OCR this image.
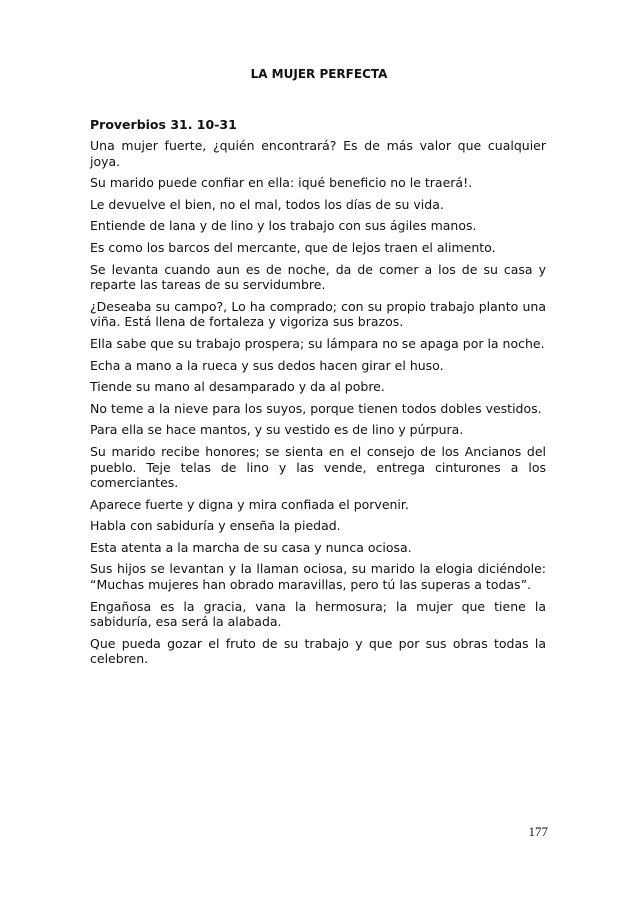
LA MUJER PERFECTA
Proverbios 31. 10-31

Una mujer fuerte, ¿quién encontrará? Es de más valor que cualquier joya.

Su marido puede confiar en ella: iqué beneficio no le traerá!.

Le devuelve el bien, no el mal, todos los días de su vida.

Entiende de lana y de lino y los trabajo con sus ágiles manos.

Es como los barcos del mercante, que de lejos traen el alimento.

Se levanta cuando aun es de noche, da de comer a los de su casa y reparte las tareas de su servidumbre.

¿Deseaba su campo?, Lo ha comprado; con su propio trabajo planto una viña. Está llena de fortaleza y vigoriza sus brazos.

Ella sabe que su trabajo prospera; su lámpara no se apaga por la noche.

Echa a mano a la rueca y sus dedos hacen girar el huso.

Tiende su mano al desamparado y da al pobre.

No teme a la nieve para los suyos, porque tienen todos dobles vestidos.

Para ella se hace mantos, y su vestido es de lino y púrpura.

Su marido recibe honores; se sienta en el consejo de los Ancianos del pueblo. Teje telas de lino y las vende, entrega cinturones a los comerciantes.

Aparece fuerte y digna y mira confiada el porvenir.

Habla con sabiduría y enseña la piedad.

Esta atenta a la marcha de su casa y nunca ociosa.

Sus hijos se levantan y la llaman ociosa, su marido la elogia diciéndole: “Muchas mujeres han obrado maravillas, pero tú las superas a todas”.

Engañosa es la gracia, vana la hermosura; la mujer que tiene la sabiduría, esa será la alabada.

Que pueda gozar el fruto de su trabajo y que por sus obras todas la celebren.

177
